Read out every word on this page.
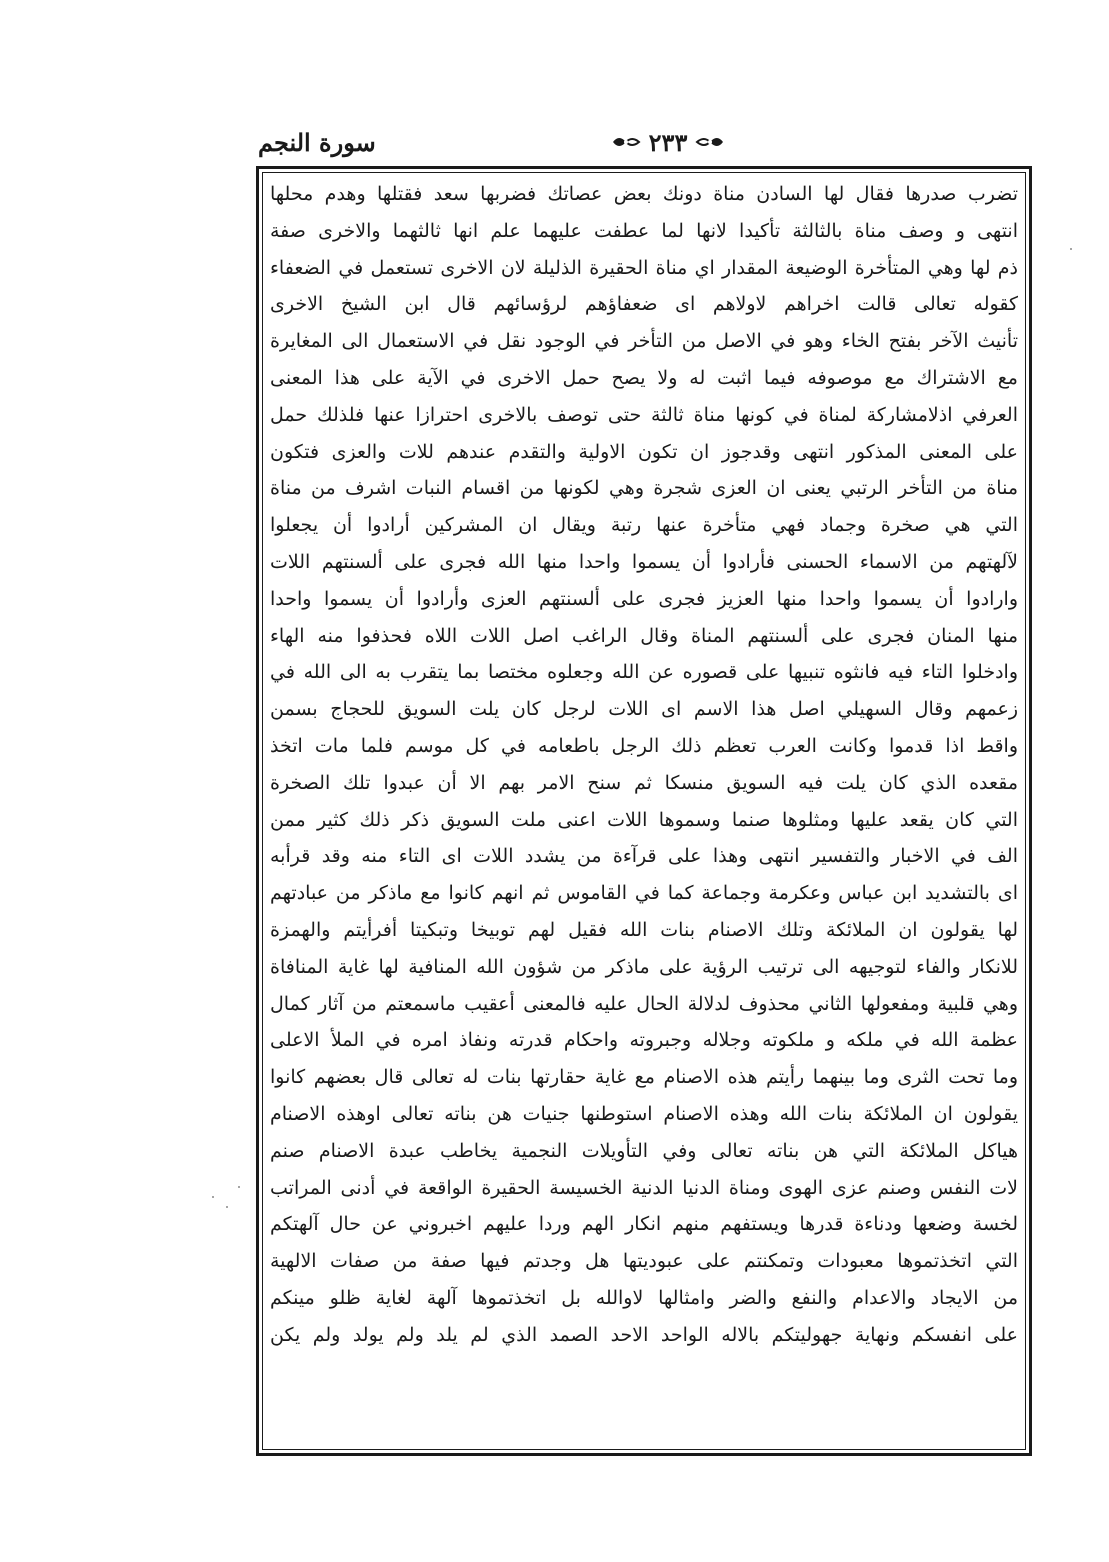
سورة النجم	٢٣٣
تضرب صدرها فقال لها السادن مناة دونك بعض عصاتك فضربها سعد فقتلها وهدم محلها
انتهى و وصف مناة بالثالثة تأكيدا لانها لما عطفت عليهما علم انها ثالثهما والاخرى صفة
ذم لها وهي المتأخرة الوضيعة المقدار اي مناة الحقيرة الذليلة لان الاخرى تستعمل في الضعفاء
كقوله تعالى قالت اخراهم لاولاهم اى ضعفاؤهم لرؤسائهم قال ابن الشيخ الاخرى
تأنيث الآخر بفتح الخاء وهو في الاصل من التأخر في الوجود نقل في الاستعمال الى المغايرة
مع الاشتراك مع موصوفه فيما اثبت له ولا يصح حمل الاخرى في الآية على هذا المعنى
العرفي اذلامشاركة لمناة في كونها مناة ثالثة حتى توصف بالاخرى احترازا عنها فلذلك حمل
على المعنى المذكور انتهى وقدجوز ان تكون الاولية والتقدم عندهم للات والعزى فتكون
مناة من التأخر الرتبي يعنى ان العزى شجرة وهي لكونها من اقسام النبات اشرف من مناة
التي هي صخرة وجماد فهي متأخرة عنها رتبة ويقال ان المشركين أرادوا أن يجعلوا
لآلهتهم من الاسماء الحسنى فأرادوا أن يسموا واحدا منها الله فجرى على ألسنتهم اللات
وارادوا أن يسموا واحدا منها العزيز فجرى على ألسنتهم العزى وأرادوا أن يسموا واحدا
منها المنان فجرى على ألسنتهم المناة وقال الراغب اصل اللات اللاه فحذفوا منه الهاء
وادخلوا التاء فيه فانثوه تنبيها على قصوره عن الله وجعلوه مختصا بما يتقرب به الى الله في
زعمهم وقال السهيلي اصل هذا الاسم اى اللات لرجل كان يلت السويق للحجاج بسمن
واقط اذا قدموا وكانت العرب تعظم ذلك الرجل باطعامه في كل موسم فلما مات اتخذ
مقعده الذي كان يلت فيه السويق منسكا ثم سنح الامر بهم الا أن عبدوا تلك الصخرة
التي كان يقعد عليها ومثلوها صنما وسموها اللات اعنى ملت السويق ذكر ذلك كثير ممن
الف في الاخبار والتفسير انتهى وهذا على قرآءة من يشدد اللات اى التاء منه وقد قرأبه
اى بالتشديد ابن عباس وعكرمة وجماعة كما في القاموس ثم انهم كانوا مع ماذكر من عبادتهم
لها يقولون ان الملائكة وتلك الاصنام بنات الله فقيل لهم توبيخا وتبكيتا أفرأيتم والهمزة
للانكار والفاء لتوجيهه الى ترتيب الرؤية على ماذكر من شؤون الله المنافية لها غاية المنافاة
وهي قلبية ومفعولها الثاني محذوف لدلالة الحال عليه فالمعنى أعقيب ماسمعتم من آثار كمال
عظمة الله في ملكه و ملكوته وجلاله وجبروته واحكام قدرته ونفاذ امره في الملأ الاعلى
وما تحت الثرى وما بينهما رأيتم هذه الاصنام مع غاية حقارتها بنات له تعالى قال بعضهم كانوا
يقولون ان الملائكة بنات الله وهذه الاصنام استوطنها جنيات هن بناته تعالى اوهذه الاصنام
هياكل الملائكة التي هن بناته تعالى وفي التأويلات النجمية يخاطب عبدة الاصنام صنم
لات النفس وصنم عزى الهوى ومناة الدنيا الدنية الخسيسة الحقيرة الواقعة في أدنى المراتب
لخسة وضعها ودناءة قدرها ويستفهم منهم انكار الهم وردا عليهم اخبروني عن حال آلهتكم
التي اتخذتموها معبودات وتمكنتم على عبوديتها هل وجدتم فيها صفة من صفات الالهية
من الايجاد والاعدام والنفع والضر وامثالها لاوالله بل اتخذتموها آلهة لغاية ظلو مينكم
على انفسكم ونهاية جهوليتكم بالاله الواحد الاحد الصمد الذي لم يلد ولم يولد ولم يكن
